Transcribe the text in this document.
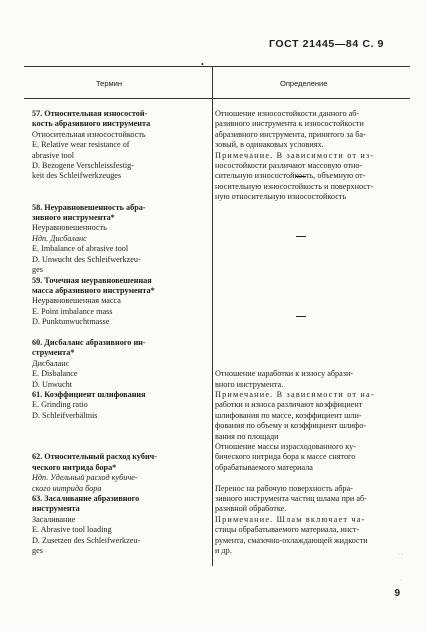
ГОСТ 21445—84 С. 9
•
Термин	Определение
57. Относительная износостой-
кость абразивного инструмента
Относительная износостойкость
E. Relative wear resistance of
abrasive tool
D. Bezogene Verschleissfestig-
keit des Schleifwerkzeuges

58. Неуравновешенность абра-
зивного инструмента*
Неуравновешенность
Ндп. Дисбаланс
E. Imbalance of abrasive tool
D. Unwucht des Schleifwerkzeu-
ges
59. Точечная неуравновешенная
масса абразивного инструмента*
Неуравновешенная масса
E. Point imbalance mass
D. Punktunwuchtmasse

60. Дисбаланс абразивного ин-
струмента*
Дисбаланс
E. Disbalance
D. Unwucht
61. Коэффициент шлифования
E. Grinding ratio
D. Schleifverhältnis

62. Относительный расход кубич-
ческого нитрида бора*
Ндп. Удельный расход кубиче-
ского нитрида бора
63. Засаливание абразивного
инструмента
Засаливание
E. Abrasive tool loading
D. Zusetzen des Schleifwerkzeu-
ges
Отношение износостойкости данного аб-
разивного инструмента к износостойкости
абразивного инструмента, принятого за ба-
зовый, в одинаковых условиях.
Примечание. В зависимости от из-
носостойкости различают массовую отно-
сительную износостойкость, объемную от-
носительную износостойкость и поверхност-
ную относительную износостойкость

Отношение наработки к износу абрази-
вного инструмента.
Примечание. В зависимости от на-
работки и износа различают коэффициент
шлифования по массе, коэффициент шли-
фования по объему и коэффициент шлифо-
вания по площади
Отношение массы израсходованного ку-
бического нитрида бора к массе снятого
обрабатываемого материала

Перенос на рабочую поверхность абра-
зивного инструмента частиц шлама при аб-
разивной обработке.
Примечание. Шлам включает ча-
стицы обрабатываемого материала, инст-
румента, смазочно-охлаждающей жидкости
и др.
9
· ·
·
